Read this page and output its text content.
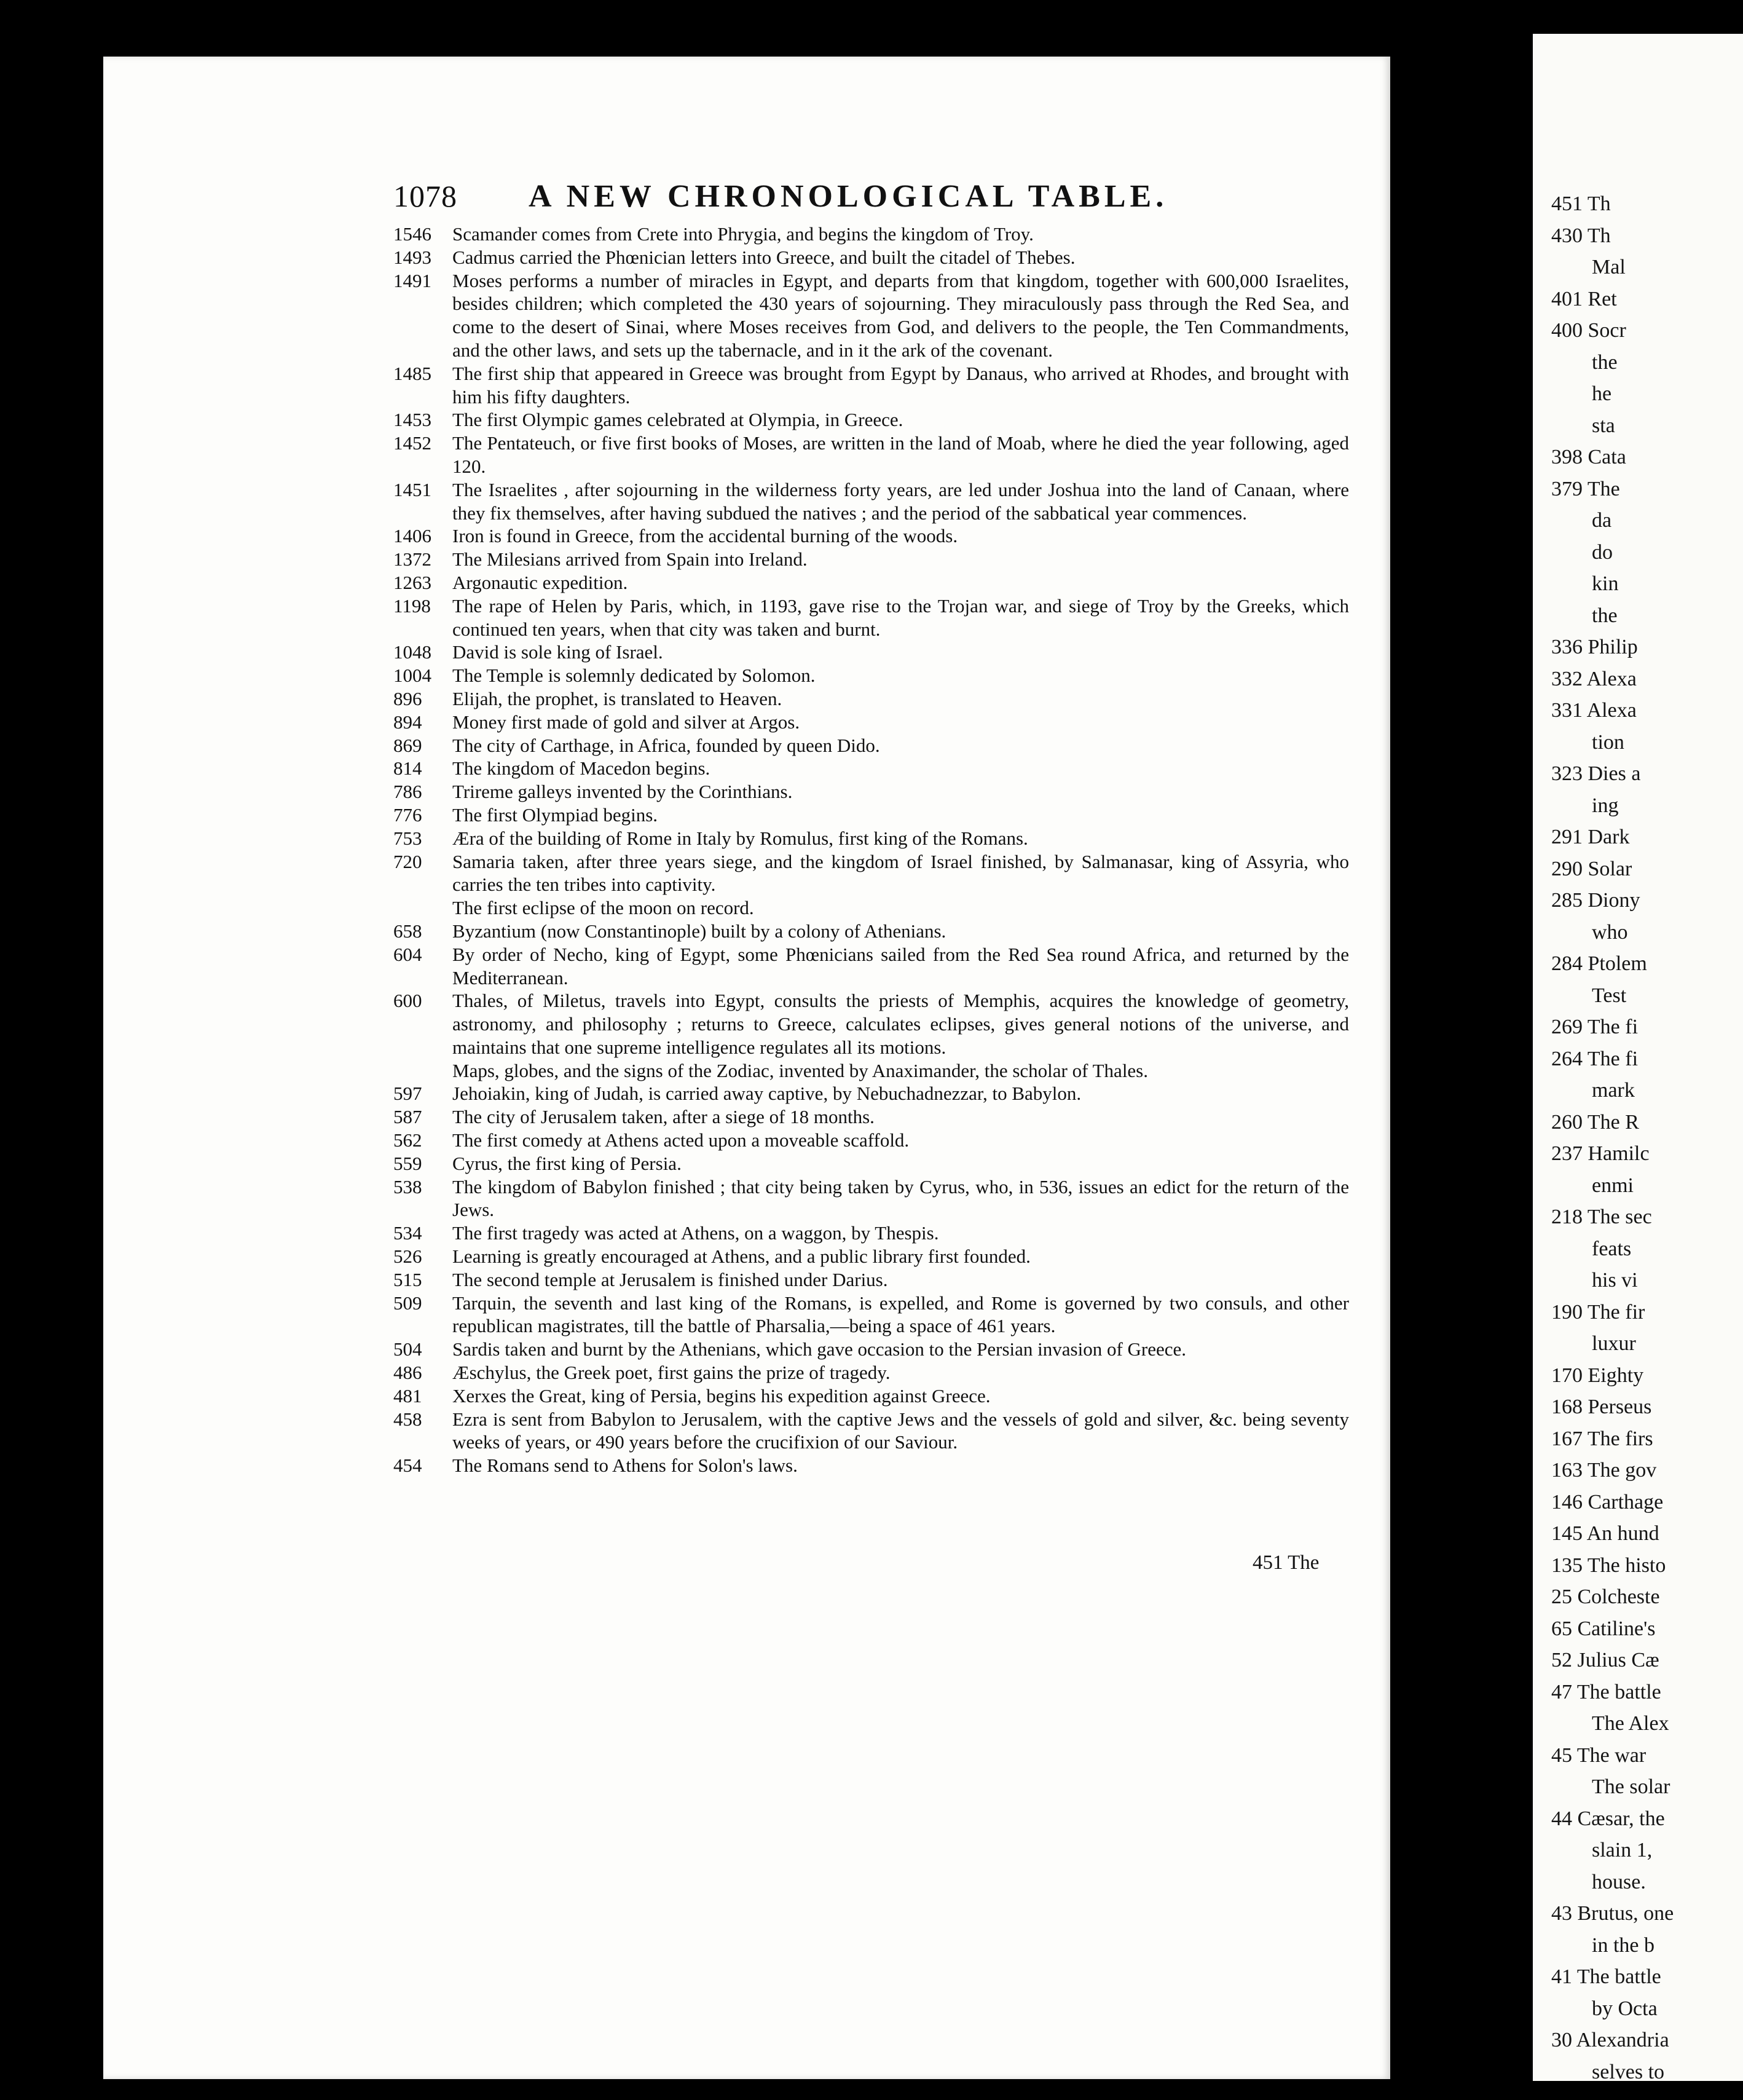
1078 A NEW CHRONOLOGICAL TABLE.
1546	Scamander comes from Crete into Phrygia, and begins the kingdom of Troy.
1493	Cadmus carried the Phœnician letters into Greece, and built the citadel of Thebes.
1491	Moses performs a number of miracles in Egypt, and departs from that kingdom, together with 600,000 Israelites, besides children; which completed the 430 years of sojourning. They miraculously pass through the Red Sea, and come to the desert of Sinai, where Moses receives from God, and delivers to the people, the Ten Commandments, and the other laws, and sets up the tabernacle, and in it the ark of the covenant.
1485	The first ship that appeared in Greece was brought from Egypt by Danaus, who arrived at Rhodes, and brought with him his fifty daughters.
1453	The first Olympic games celebrated at Olympia, in Greece.
1452	The Pentateuch, or five first books of Moses, are written in the land of Moab, where he died the year following, aged 120.
1451	The Israelites , after sojourning in the wilderness forty years, are led under Joshua into the land of Canaan, where they fix themselves, after having subdued the natives ; and the period of the sabbatical year commences.
1406	Iron is found in Greece, from the accidental burning of the woods.
1372	The Milesians arrived from Spain into Ireland.
1263	Argonautic expedition.
1198	The rape of Helen by Paris, which, in 1193, gave rise to the Trojan war, and siege of Troy by the Greeks, which continued ten years, when that city was taken and burnt.
1048	David is sole king of Israel.
1004	The Temple is solemnly dedicated by Solomon.
896	Elijah, the prophet, is translated to Heaven.
894	Money first made of gold and silver at Argos.
869	The city of Carthage, in Africa, founded by queen Dido.
814	The kingdom of Macedon begins.
786	Trireme galleys invented by the Corinthians.
776	The first Olympiad begins.
753	Æra of the building of Rome in Italy by Romulus, first king of the Romans.
720	Samaria taken, after three years siege, and the kingdom of Israel finished, by Salmanasar, king of Assyria, who carries the ten tribes into captivity.
The first eclipse of the moon on record.
658	Byzantium (now Constantinople) built by a colony of Athenians.
604	By order of Necho, king of Egypt, some Phœnicians sailed from the Red Sea round Africa, and returned by the Mediterranean.
600	Thales, of Miletus, travels into Egypt, consults the priests of Memphis, acquires the knowledge of geometry, astronomy, and philosophy ; returns to Greece, calculates eclipses, gives general notions of the universe, and maintains that one supreme intelligence regulates all its motions.
Maps, globes, and the signs of the Zodiac, invented by Anaximander, the scholar of Thales.
597	Jehoiakin, king of Judah, is carried away captive, by Nebuchadnezzar, to Babylon.
587	The city of Jerusalem taken, after a siege of 18 months.
562	The first comedy at Athens acted upon a moveable scaffold.
559	Cyrus, the first king of Persia.
538	The kingdom of Babylon finished ; that city being taken by Cyrus, who, in 536, issues an edict for the return of the Jews.
534	The first tragedy was acted at Athens, on a waggon, by Thespis.
526	Learning is greatly encouraged at Athens, and a public library first founded.
515	The second temple at Jerusalem is finished under Darius.
509	Tarquin, the seventh and last king of the Romans, is expelled, and Rome is governed by two consuls, and other republican magistrates, till the battle of Pharsalia,—being a space of 461 years.
504	Sardis taken and burnt by the Athenians, which gave occasion to the Persian invasion of Greece.
486	Æschylus, the Greek poet, first gains the prize of tragedy.
481	Xerxes the Great, king of Persia, begins his expedition against Greece.
458	Ezra is sent from Babylon to Jerusalem, with the captive Jews and the vessels of gold and silver, &c. being seventy weeks of years, or 490 years before the crucifixion of our Saviour.
454	The Romans send to Athens for Solon's laws.
451 The
451 Th
430 Th
Mal
401 Ret
400 Socr
the
he
sta
398 Cata
379 The
da
do
kin
the
336 Philip
332 Alexa
331 Alexa
tion
323 Dies a
ing
291 Dark
290 Solar
285 Diony
who
284 Ptolem
Test
269 The fi
264 The fi
mark
260 The R
237 Hamilc
enmi
218 The sec
feats
his vi
190 The fir
luxur
170 Eighty
168 Perseus
167 The firs
163 The gov
146 Carthage
145 An hund
135 The histo
25 Colcheste
65 Catiline's
52 Julius Cæ
47 The battle
The Alex
45 The war
The solar
44 Cæsar, the
slain 1,
house.
43 Brutus, one
in the b
41 The battle
by Octa
30 Alexandria
selves to
